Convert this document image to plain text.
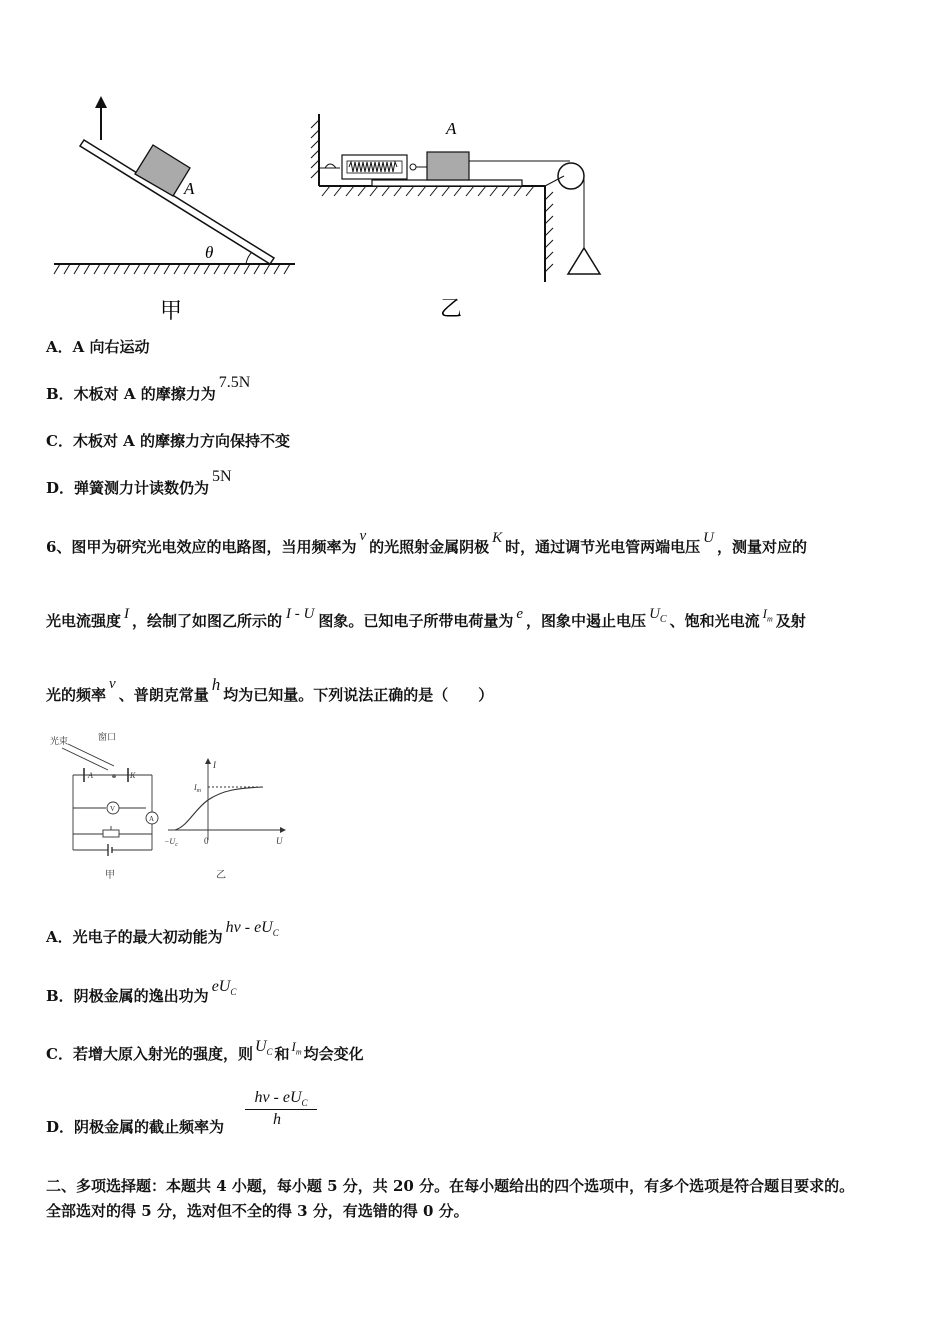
A
θ
甲
A
乙
A．A 向右运动
B．木板对 A 的摩擦力为7.5N
C．木板对 A 的摩擦力方向保持不变
D．弹簧测力计读数仍为5N
6、图甲为研究光电效应的电路图，当用频率为v的光照射金属阴极 K 时，通过调节光电管两端电压 U ，测量对应的
光电流强度 I ，绘制了如图乙所示的 I - U 图象。已知电子所带电荷量为 e ，图象中遏止电压 $U_C$ 、饱和光电流 $I_m$ 及射
光的频率v、普朗克常量h均为已知量。下列说法正确的是（　　）
光束	窗口
A	K
V
A
甲
I
U
0
$-U_c$
$I_m$
乙
A．光电子的最大初动能为hv - $eU_C$
B．阴极金属的逸出功为$eU_C$
C．若增大原入射光的强度，则 $U_C$ 和 $I_m$ 均会变化
D．阴极金属的截止频率为
hv - $eU_C$
h
二、多项选择题：本题共 4 小题，每小题 5 分，共 20 分。在每小题给出的四个选项中，有多个选项是符合题目要求的。
全部选对的得 5 分，选对但不全的得 3 分，有选错的得 0 分。
